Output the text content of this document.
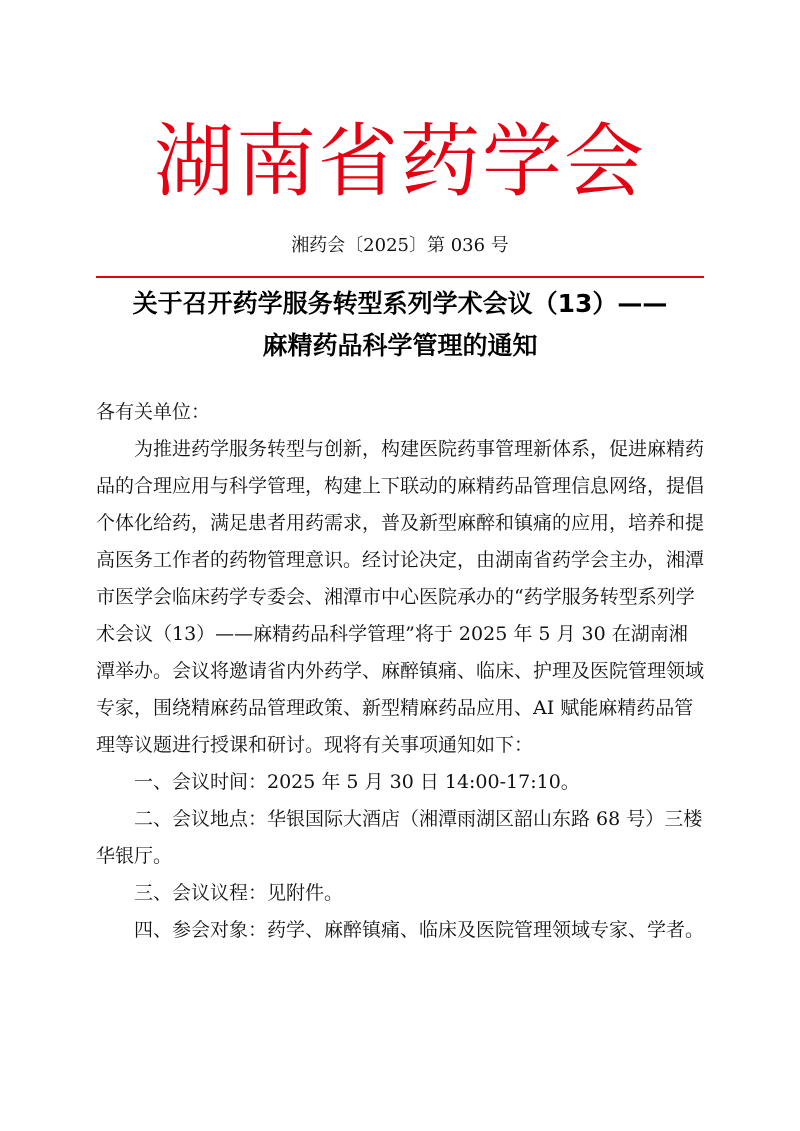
湖南省药学会
湘药会〔2025〕第 036 号
关于召开药学服务转型系列学术会议（13）——
麻精药品科学管理的通知

各有关单位：

为推进药学服务转型与创新，构建医院药事管理新体系，促进麻精药品的合理应用与科学管理，构建上下联动的麻精药品管理信息网络，提倡个体化给药，满足患者用药需求，普及新型麻醉和镇痛的应用，培养和提高医务工作者的药物管理意识。经讨论决定，由湖南省药学会主办，湘潭市医学会临床药学专委会、湘潭市中心医院承办的“药学服务转型系列学术会议（13）——麻精药品科学管理”将于 2025 年 5 月 30 在湖南湘潭举办。会议将邀请省内外药学、麻醉镇痛、临床、护理及医院管理领域专家，围绕精麻药品管理政策、新型精麻药品应用、AI 赋能麻精药品管理等议题进行授课和研讨。现将有关事项通知如下：

一、会议时间：2025 年 5 月 30 日 14:00-17:10。

二、会议地点：华银国际大酒店（湘潭雨湖区韶山东路 68 号）三楼华银厅。

三、会议议程：见附件。

四、参会对象：药学、麻醉镇痛、临床及医院管理领域专家、学者。
